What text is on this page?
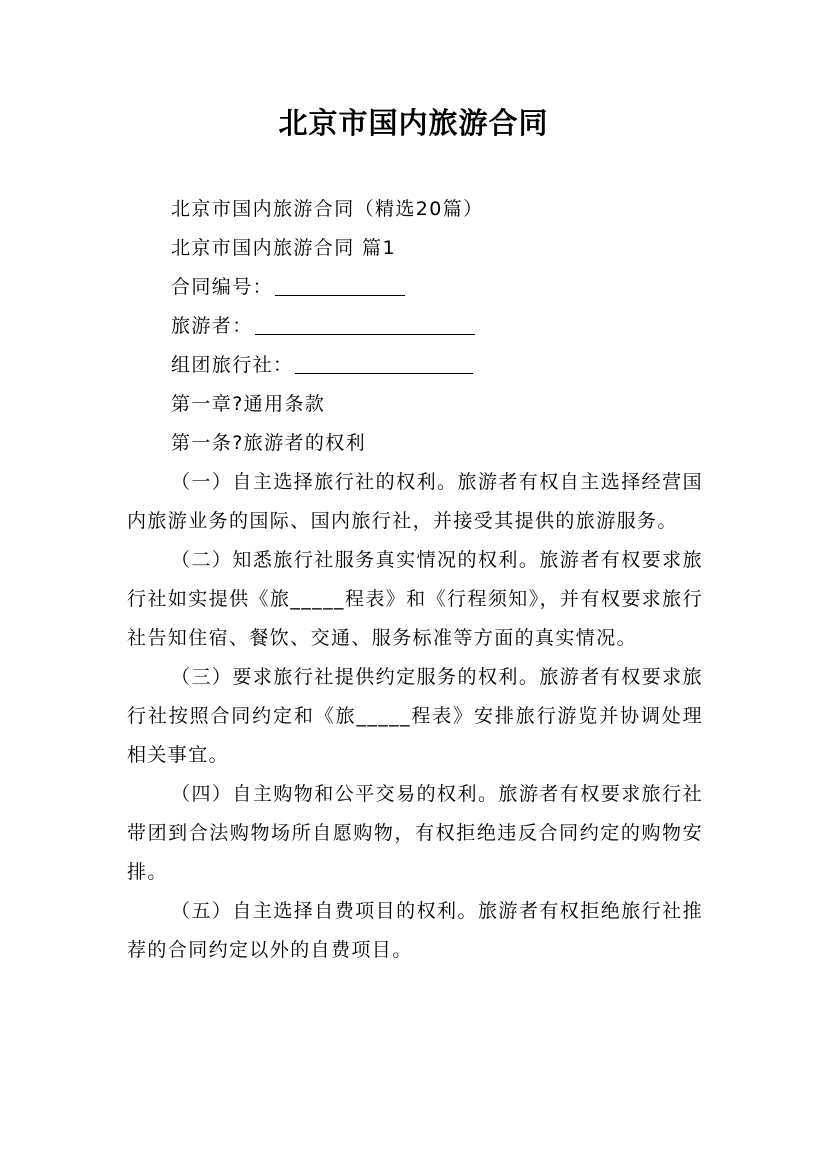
北京市国内旅游合同

北京市国内旅游合同（精选20篇）

北京市国内旅游合同 篇1

合同编号：

旅游者：

组团旅行社：

第一章?通用条款

第一条?旅游者的权利

（一）自主选择旅行社的权利。旅游者有权自主选择经营国内旅游业务的国际、国内旅行社，并接受其提供的旅游服务。

（二）知悉旅行社服务真实情况的权利。旅游者有权要求旅行社如实提供《旅_____程表》和《行程须知》，并有权要求旅行社告知住宿、餐饮、交通、服务标准等方面的真实情况。

（三）要求旅行社提供约定服务的权利。旅游者有权要求旅行社按照合同约定和《旅_____程表》安排旅行游览并协调处理相关事宜。

（四）自主购物和公平交易的权利。旅游者有权要求旅行社带团到合法购物场所自愿购物，有权拒绝违反合同约定的购物安排。

（五）自主选择自费项目的权利。旅游者有权拒绝旅行社推荐的合同约定以外的自费项目。
